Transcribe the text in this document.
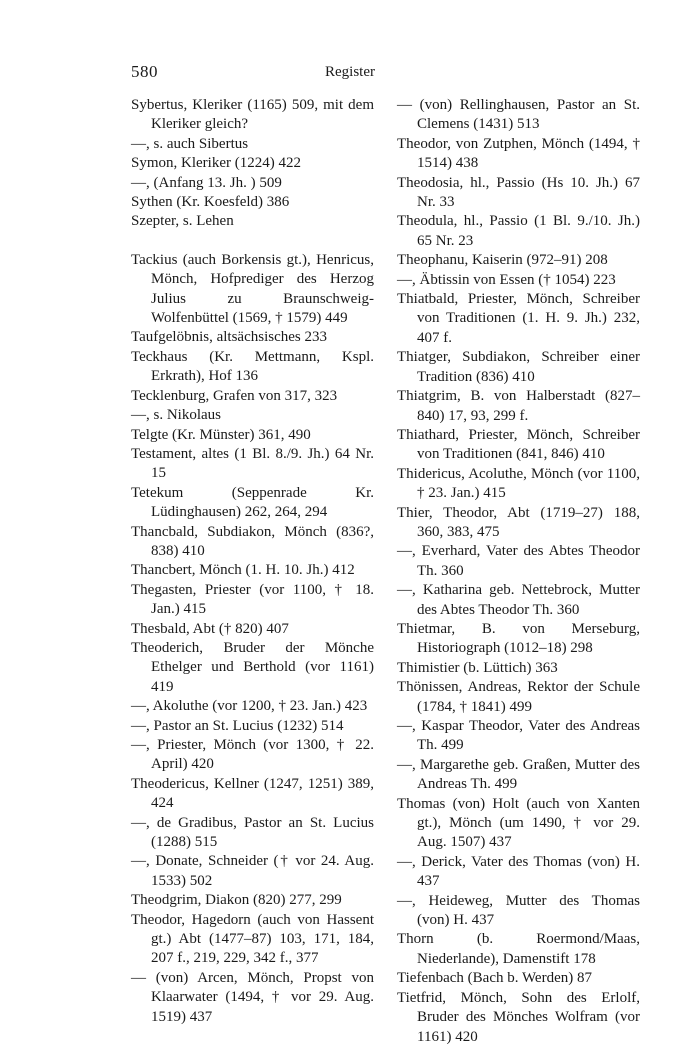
580	Register

Sybertus, Kleriker (1165) 509, mit dem Kleriker gleich?

—, s. auch Sibertus

Symon, Kleriker (1224) 422

—, (Anfang 13. Jh. ) 509

Sythen (Kr. Koesfeld) 386

Szepter, s. Lehen

Tackius (auch Borkensis gt.), Henricus, Mönch, Hofprediger des Herzog Julius zu Braunschweig-Wolfenbüttel (1569, † 1579) 449

Taufgelöbnis, altsächsisches 233

Teckhaus (Kr. Mettmann, Kspl. Erkrath), Hof 136

Tecklenburg, Grafen von 317, 323

—, s. Nikolaus

Telgte (Kr. Münster) 361, 490

Testament, altes (1 Bl. 8./9. Jh.) 64 Nr. 15

Tetekum (Seppenrade Kr. Lüdinghausen) 262, 264, 294

Thancbald, Subdiakon, Mönch (836?, 838) 410

Thancbert, Mönch (1. H. 10. Jh.) 412

Thegasten, Priester (vor 1100, † 18. Jan.) 415

Thesbald, Abt († 820) 407

Theoderich, Bruder der Mönche Ethelger und Berthold (vor 1161) 419

—, Akoluthe (vor 1200, † 23. Jan.) 423

—, Pastor an St. Lucius (1232) 514

—, Priester, Mönch (vor 1300, † 22. April) 420

Theodericus, Kellner (1247, 1251) 389, 424

—, de Gradibus, Pastor an St. Lucius (1288) 515

—, Donate, Schneider († vor 24. Aug. 1533) 502

Theodgrim, Diakon (820) 277, 299

Theodor, Hagedorn (auch von Hassent gt.) Abt (1477–87) 103, 171, 184, 207 f., 219, 229, 342 f., 377

— (von) Arcen, Mönch, Propst von Klaarwater (1494, † vor 29. Aug. 1519) 437

— (von) Rellinghausen, Pastor an St. Clemens (1431) 513

Theodor, von Zutphen, Mönch (1494, † 1514) 438

Theodosia, hl., Passio (Hs 10. Jh.) 67 Nr. 33

Theodula, hl., Passio (1 Bl. 9./10. Jh.) 65 Nr. 23

Theophanu, Kaiserin (972–91) 208

—, Äbtissin von Essen († 1054) 223

Thiatbald, Priester, Mönch, Schreiber von Traditionen (1. H. 9. Jh.) 232, 407 f.

Thiatger, Subdiakon, Schreiber einer Tradition (836) 410

Thiatgrim, B. von Halberstadt (827–840) 17, 93, 299 f.

Thiathard, Priester, Mönch, Schreiber von Traditionen (841, 846) 410

Thidericus, Acoluthe, Mönch (vor 1100, † 23. Jan.) 415

Thier, Theodor, Abt (1719–27) 188, 360, 383, 475

—, Everhard, Vater des Abtes Theodor Th. 360

—, Katharina geb. Nettebrock, Mutter des Abtes Theodor Th. 360

Thietmar, B. von Merseburg, Historiograph (1012–18) 298

Thimistier (b. Lüttich) 363

Thönissen, Andreas, Rektor der Schule (1784, † 1841) 499

—, Kaspar Theodor, Vater des Andreas Th. 499

—, Margarethe geb. Graßen, Mutter des Andreas Th. 499

Thomas (von) Holt (auch von Xanten gt.), Mönch (um 1490, † vor 29. Aug. 1507) 437

—, Derick, Vater des Thomas (von) H. 437

—, Heideweg, Mutter des Thomas (von) H. 437

Thorn (b. Roermond/Maas, Niederlande), Damenstift 178

Tiefenbach (Bach b. Werden) 87

Tietfrid, Mönch, Sohn des Erlolf, Bruder des Mönches Wolfram (vor 1161) 420
